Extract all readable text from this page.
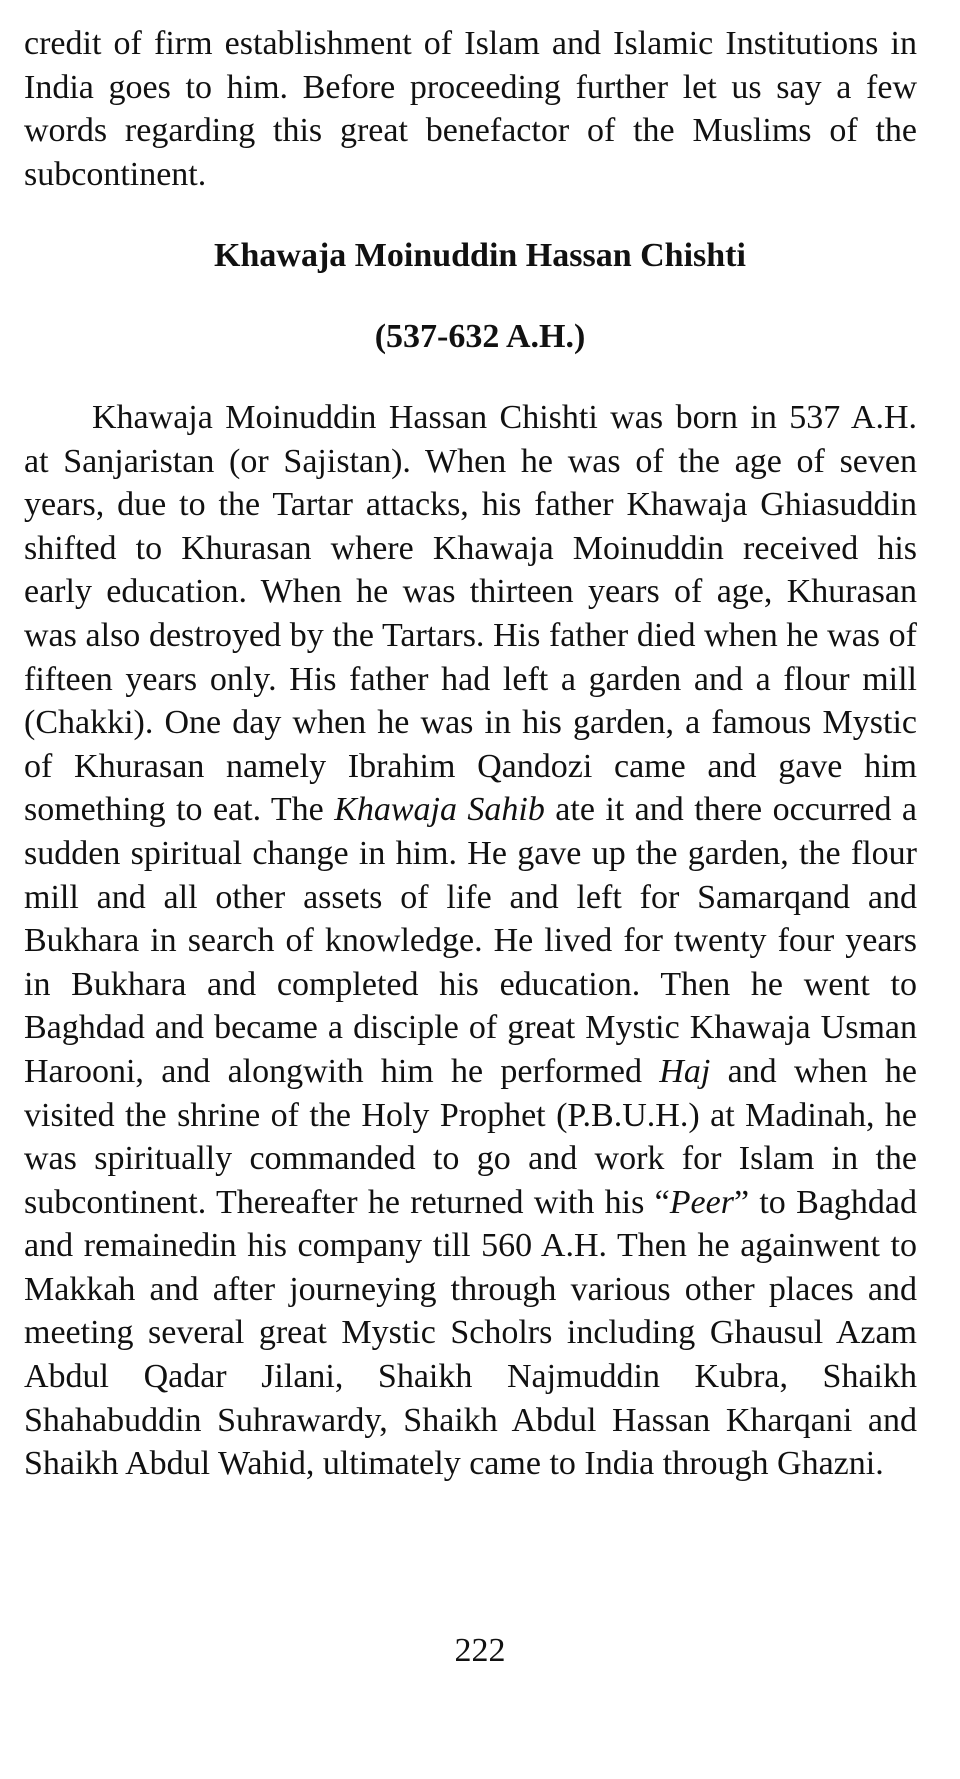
credit of firm establishment of Islam and Islamic Institutions in India goes to him. Before proceeding further let us say a few words regarding this great benefactor of the Muslims of the subcontinent.

Khawaja Moinuddin Hassan Chishti
(537-632 A.H.)

Khawaja Moinuddin Hassan Chishti was born in 537 A.H. at Sanjaristan (or Sajistan). When he was of the age of seven years, due to the Tartar attacks, his father Khawaja Ghiasuddin shifted to Khurasan where Khawaja Moinuddin received his early education. When he was thirteen years of age, Khurasan was also destroyed by the Tartars. His father died when he was of fifteen years only. His father had left a garden and a flour mill (Chakki). One day when he was in his garden, a famous Mystic of Khurasan namely Ibrahim Qandozi came and gave him something to eat. The Khawaja Sahib ate it and there occurred a sudden spiritual change in him. He gave up the garden, the flour mill and all other assets of life and left for Samarqand and Bukhara in search of knowledge. He lived for twenty four years in Bukhara and completed his education. Then he went to Baghdad and became a disciple of great Mystic Khawaja Usman Harooni, and alongwith him he performed Haj and when he visited the shrine of the Holy Prophet (P.B.U.H.) at Madinah, he was spiritually commanded to go and work for Islam in the subcontinent. Thereafter he returned with his “Peer” to Baghdad and remainedin his company till 560 A.H. Then he againwent to Makkah and after journeying through various other places and meeting several great Mystic Scholrs including Ghausul Azam Abdul Qadar Jilani, Shaikh Najmuddin Kubra, Shaikh Shahabuddin Suhrawardy, Shaikh Abdul Hassan Kharqani and Shaikh Abdul Wahid, ultimately came to India through Ghazni.

222
